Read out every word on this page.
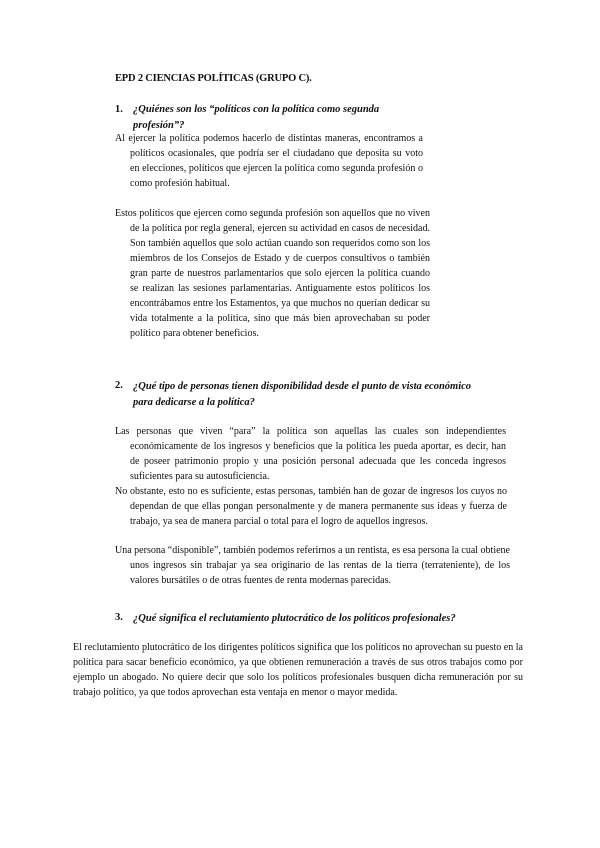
EPD 2 CIENCIAS POLÍTICAS (GRUPO C).
1. ¿Quiénes son los “políticos con la política como segunda profesión”?
Al ejercer la política podemos hacerlo de distintas maneras, encontramos a políticos ocasionales, que podría ser el ciudadano que deposita su voto en elecciones, políticos que ejercen la política como segunda profesión o como profesión habitual.
Estos políticos que ejercen como segunda profesión son aquellos que no viven de la política por regla general, ejercen su actividad en casos de necesidad. Son también aquellos que solo actúan cuando son requeridos como son los miembros de los Consejos de Estado y de cuerpos consultivos o también gran parte de nuestros parlamentarios que solo ejercen la política cuando se realizan las sesiones parlamentarias. Antiguamente estos políticos los encontrábamos entre los Estamentos, ya que muchos no querían dedicar su vida totalmente a la política, sino que más bien aprovechaban su poder político para obtener beneficios.
2. ¿Qué tipo de personas tienen disponibilidad desde el punto de vista económico para dedicarse a la política?
Las personas que viven “para” la política son aquellas las cuales son independientes económicamente de los ingresos y beneficios que la política les pueda aportar, es decir, han de poseer patrimonio propio y una posición personal adecuada que les conceda ingresos suficientes para su autosuficiencia.
No obstante, esto no es suficiente, estas personas, también han de gozar de ingresos los cuyos no dependan de que ellas pongan personalmente y de manera permanente sus ideas y fuerza de trabajo, ya sea de manera parcial o total para el logro de aquellos ingresos.
Una persona “disponible”, también podemos referirnos a un rentista, es esa persona la cual obtiene unos ingresos sin trabajar ya sea originario de las rentas de la tierra (terrateniente), de los valores bursátiles o de otras fuentes de renta modernas parecidas.
3. ¿Qué significa el reclutamiento plutocrático de los políticos profesionales?
El reclutamiento plutocrático de los dirigentes políticos significa que los políticos no aprovechan su puesto en la política para sacar beneficio económico, ya que obtienen remuneración a través de sus otros trabajos como por ejemplo un abogado. No quiere decir que solo los políticos profesionales busquen dicha remuneración por su trabajo político, ya que todos aprovechan esta ventaja en menor o mayor medida.
